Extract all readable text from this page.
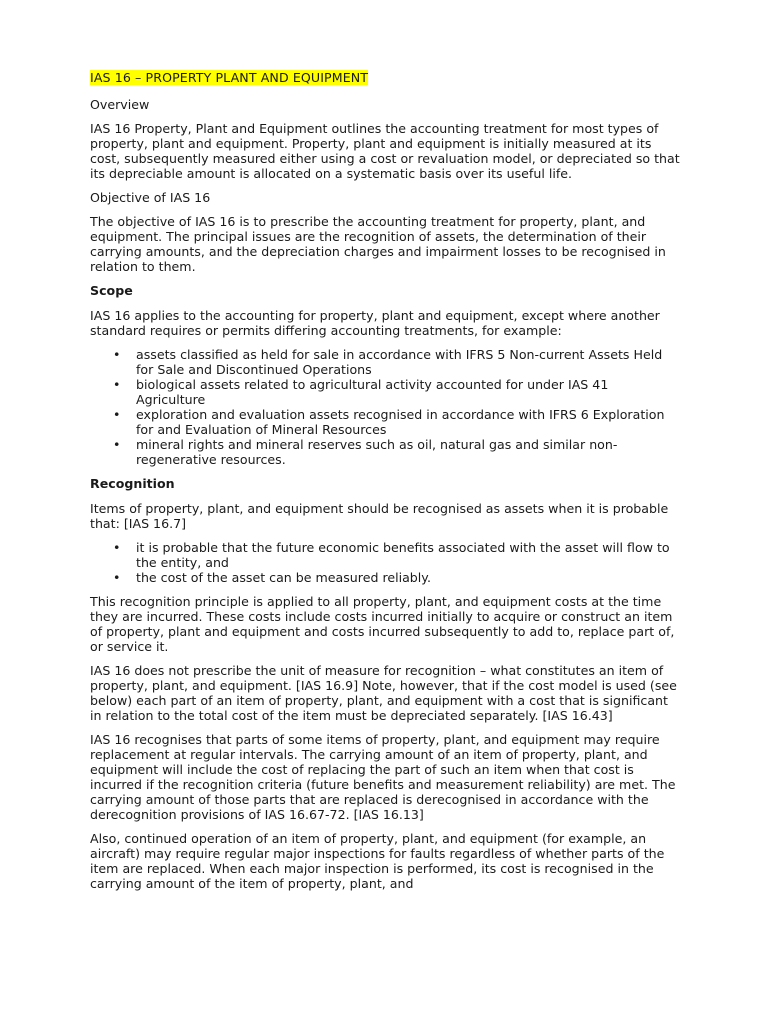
IAS 16 – PROPERTY PLANT AND EQUIPMENT

Overview

IAS 16 Property, Plant and Equipment outlines the accounting treatment for most types of property, plant and equipment. Property, plant and equipment is initially measured at its cost, subsequently measured either using a cost or revaluation model, or depreciated so that its depreciable amount is allocated on a systematic basis over its useful life.

Objective of IAS 16

The objective of IAS 16 is to prescribe the accounting treatment for property, plant, and equipment. The principal issues are the recognition of assets, the determination of their carrying amounts, and the depreciation charges and impairment losses to be recognised in relation to them.

Scope

IAS 16 applies to the accounting for property, plant and equipment, except where another standard requires or permits differing accounting treatments, for example:

• assets classified as held for sale in accordance with IFRS 5 Non-current Assets Held for Sale and Discontinued Operations
• biological assets related to agricultural activity accounted for under IAS 41 Agriculture
• exploration and evaluation assets recognised in accordance with IFRS 6 Exploration for and Evaluation of Mineral Resources
• mineral rights and mineral reserves such as oil, natural gas and similar non-regenerative resources.

Recognition

Items of property, plant, and equipment should be recognised as assets when it is probable that: [IAS 16.7]

• it is probable that the future economic benefits associated with the asset will flow to the entity, and
• the cost of the asset can be measured reliably.

This recognition principle is applied to all property, plant, and equipment costs at the time they are incurred. These costs include costs incurred initially to acquire or construct an item of property, plant and equipment and costs incurred subsequently to add to, replace part of, or service it.

IAS 16 does not prescribe the unit of measure for recognition – what constitutes an item of property, plant, and equipment. [IAS 16.9] Note, however, that if the cost model is used (see below) each part of an item of property, plant, and equipment with a cost that is significant in relation to the total cost of the item must be depreciated separately. [IAS 16.43]

IAS 16 recognises that parts of some items of property, plant, and equipment may require replacement at regular intervals. The carrying amount of an item of property, plant, and equipment will include the cost of replacing the part of such an item when that cost is incurred if the recognition criteria (future benefits and measurement reliability) are met. The carrying amount of those parts that are replaced is derecognised in accordance with the derecognition provisions of IAS 16.67-72. [IAS 16.13]

Also, continued operation of an item of property, plant, and equipment (for example, an aircraft) may require regular major inspections for faults regardless of whether parts of the item are replaced. When each major inspection is performed, its cost is recognised in the carrying amount of the item of property, plant, and
